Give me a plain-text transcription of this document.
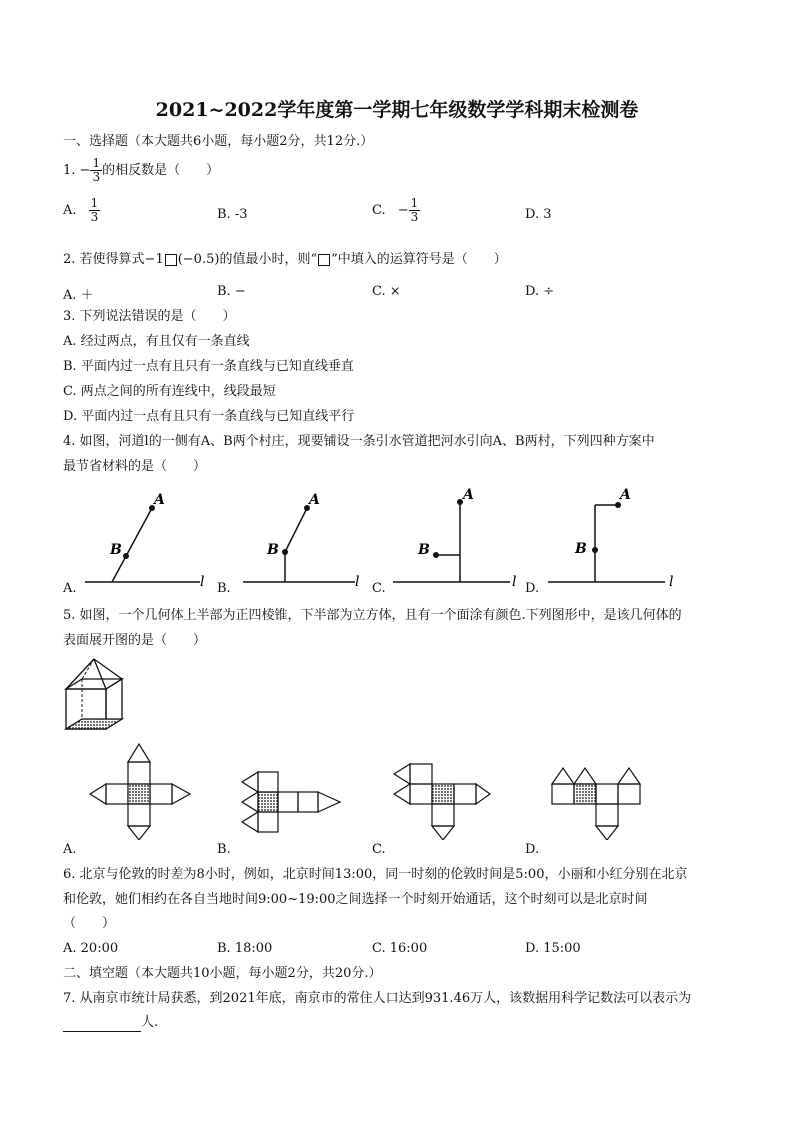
2021~2022学年度第一学期七年级数学学科期末检测卷
一、选择题（本大题共6小题，每小题2分，共12分.）
1. − $\frac{1}{3}$ 的相反数是（　　）
A. $\frac{1}{3}$	B. -3	C. − $\frac{1}{3}$	D. 3
2. 若使得算式−1 (−0.5)的值最小时，则“ ”中填入的运算符号是（　　）
A. ＋	B. −	C. ×	D. ÷
3. 下列说法错误的是（　　）
A. 经过两点，有且仅有一条直线
B. 平面内过一点有且只有一条直线与已知直线垂直
C. 两点之间的所有连线中，线段最短
D. 平面内过一点有且只有一条直线与已知直线平行
4. 如图，河道l的一侧有A、B两个村庄，现要铺设一条引水管道把河水引向A、B两村，下列四种方案中
最节省材料的是（　　）
A
B
l
A
B
l
A
B
l
A
B
l
A.	B.	C.	D.
5. 如图，一个几何体上半部为正四棱锥，下半部为立方体，且有一个面涂有颜色.下列图形中，是该几何体的
表面展开图的是（　　）
A.	B.	C.	D.
6. 北京与伦敦的时差为8小时，例如，北京时间13:00，同一时刻的伦敦时间是5:00，小丽和小红分别在北京
和伦敦，她们相约在各自当地时间9:00~19:00之间选择一个时刻开始通话，这个时刻可以是北京时间
（　　）
A. 20:00	B. 18:00	C. 16:00	D. 15:00
二、填空题（本大题共10小题，每小题2分，共20分.）
7. 从南京市统计局获悉，到2021年底，南京市的常住人口达到931.46万人，该数据用科学记数法可以表示为
人.
